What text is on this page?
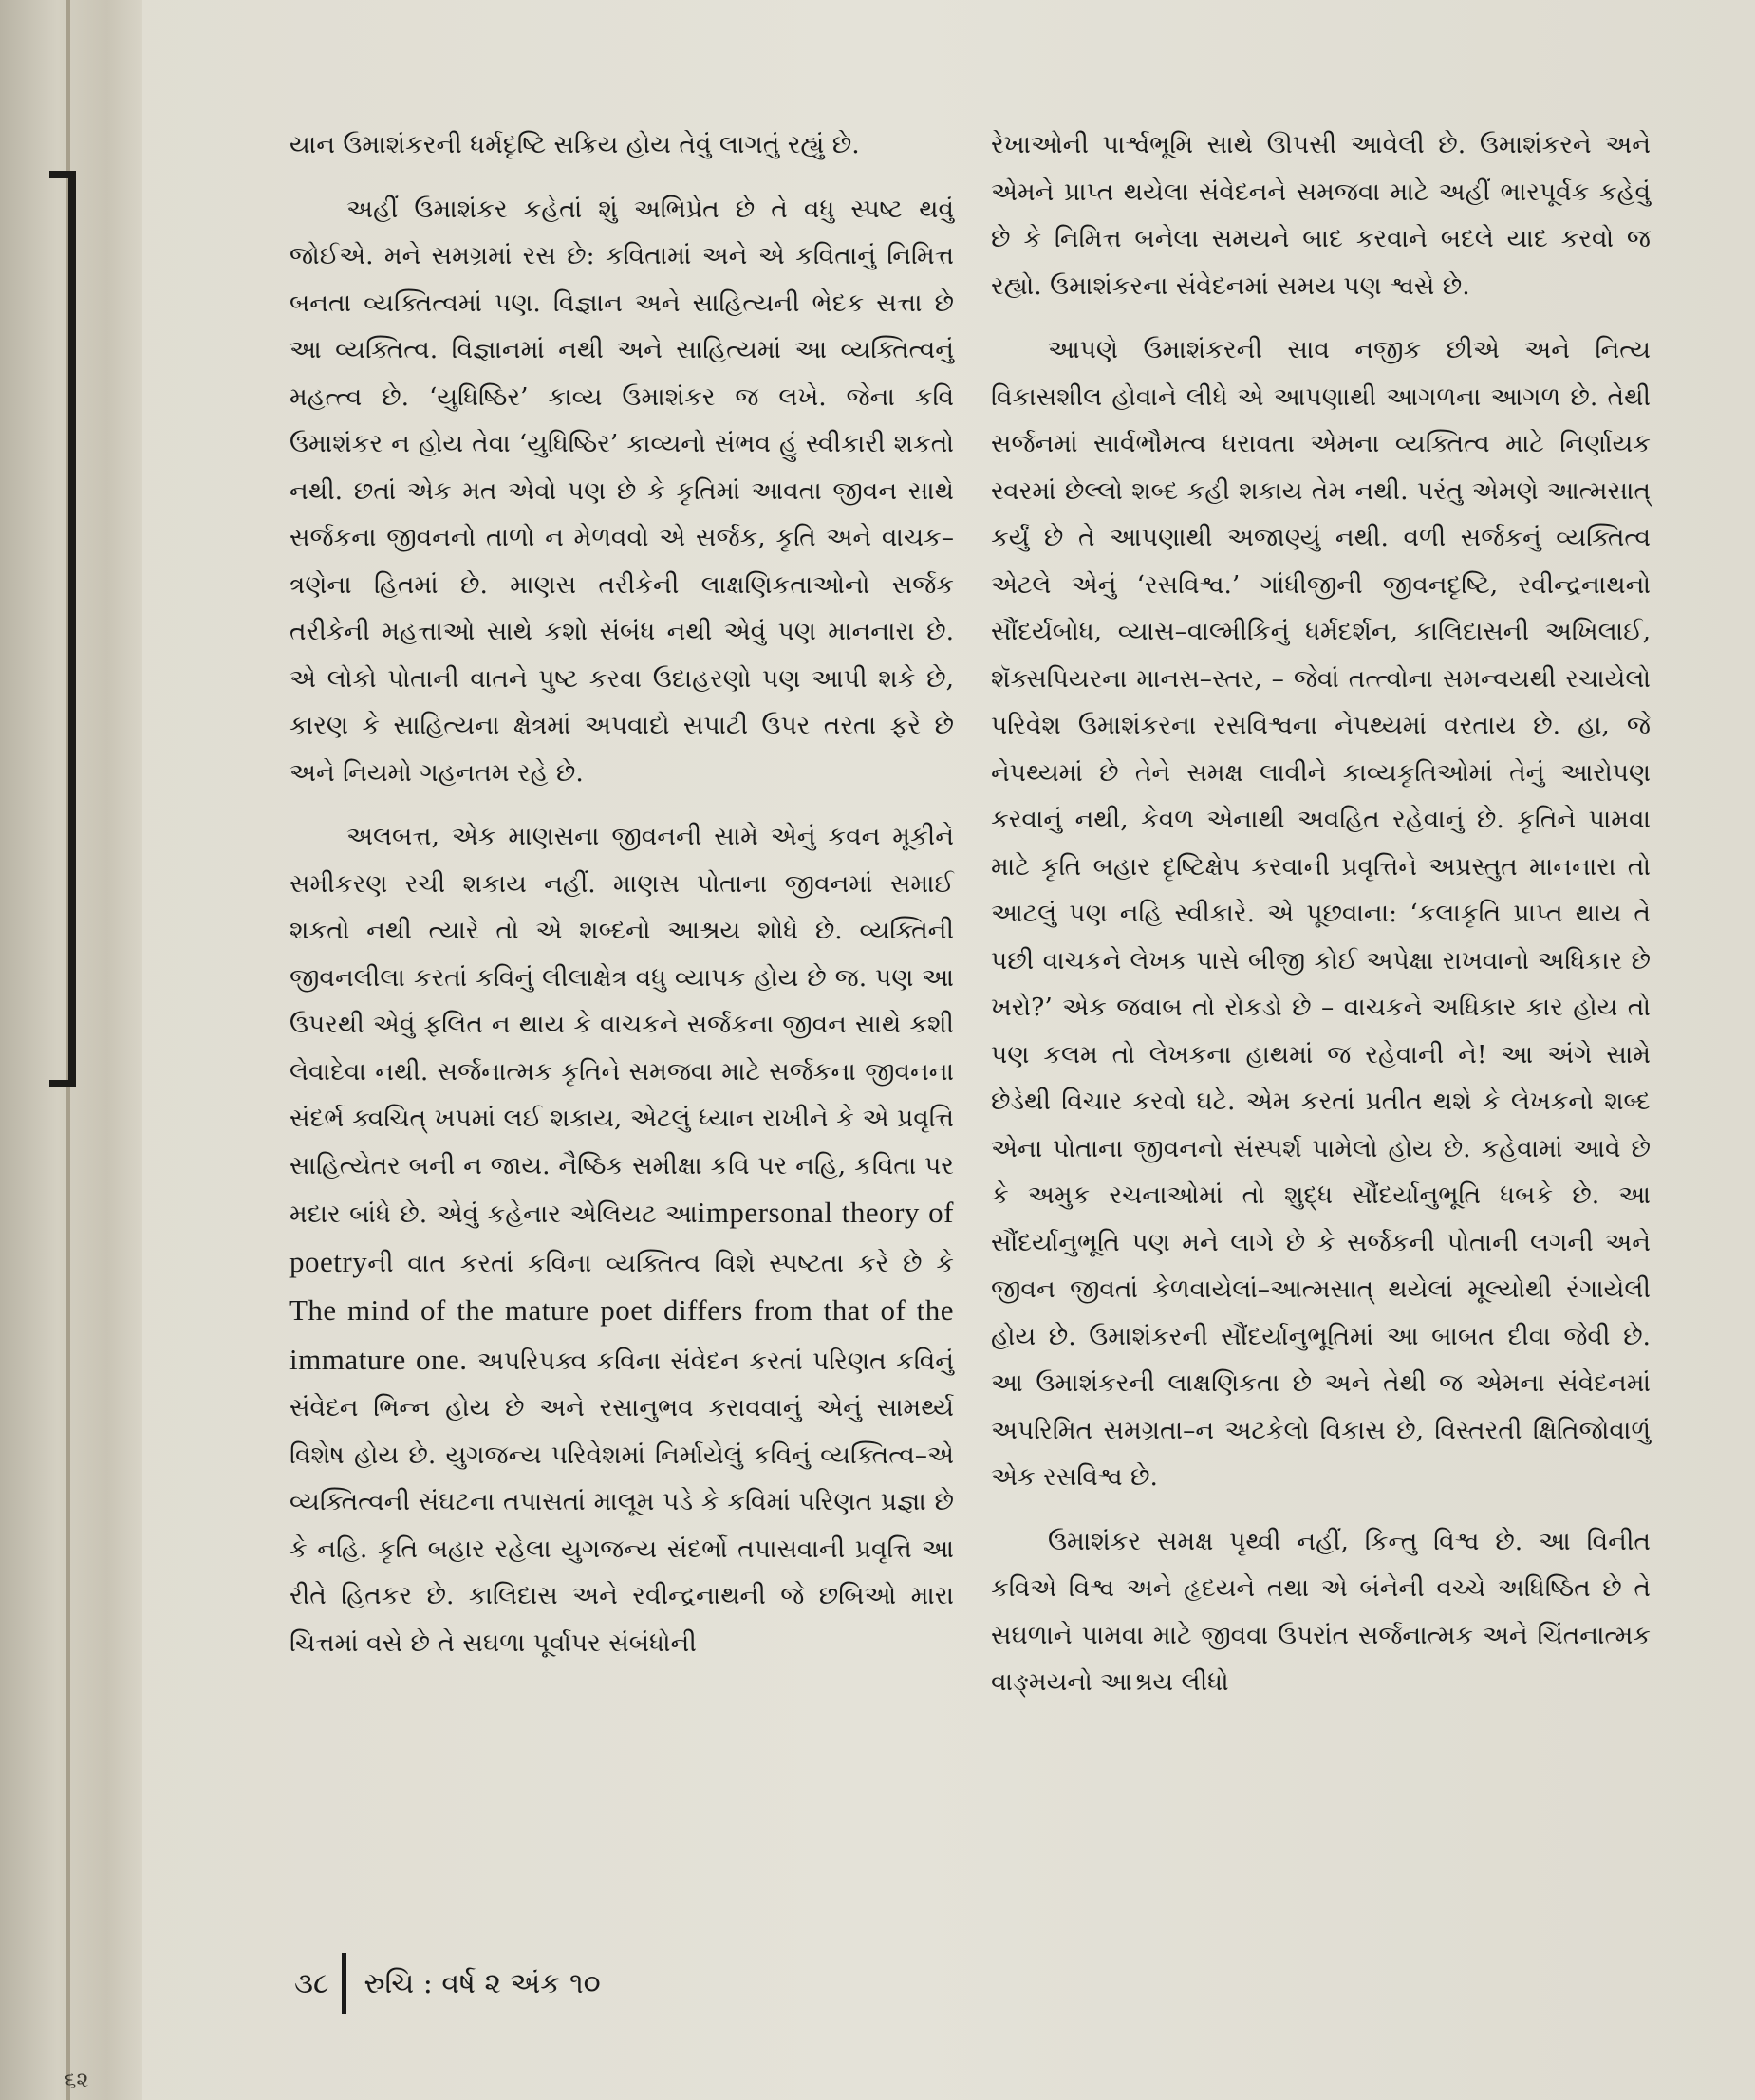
યાન ઉમાશંકરની ધર્મદૃષ્ટિ સક્રિય હોય તેવું લાગતું રહ્યું છે.

અહીં ઉમાશંકર કહેતાં શું અભિપ્રેત છે તે વધુ સ્પષ્ટ થવું જોઈએ. મને સમગ્રમાં રસ છે: કવિતામાં અને એ કવિતાનું નિમિત્ત બનતા વ્યક્તિત્વમાં પણ. વિજ્ઞાન અને સાહિત્યની ભેદક સત્તા છે આ વ્યક્તિત્વ. વિજ્ઞાનમાં નથી અને સાહિત્યમાં આ વ્યક્તિત્વનું મહત્ત્વ છે. ‘યુધિષ્ઠિર’ કાવ્ય ઉમાશંકર જ લખે. જેના કવિ ઉમાશંકર ન હોય તેવા ‘યુધિષ્ઠિર’ કાવ્યનો સંભવ હું સ્વીકારી શકતો નથી. છતાં એક મત એવો પણ છે કે કૃતિમાં આવતા જીવન સાથે સર્જકના જીવનનો તાળો ન મેળવવો એ સર્જક, કૃતિ અને વાચક– ત્રણેના હિતમાં છે. માણસ તરીકેની લાક્ષણિકતાઓનો સર્જક તરીકેની મહત્તાઓ સાથે કશો સંબંધ નથી એવું પણ માનનારા છે. એ લોકો પોતાની વાતને પુષ્ટ કરવા ઉદાહરણો પણ આપી શકે છે, કારણ કે સાહિત્યના ક્ષેત્રમાં અપવાદો સપાટી ઉપર તરતા ફરે છે અને નિયમો ગહનતમ રહે છે.

અલબત્ત, એક માણસના જીવનની સામે એનું કવન મૂકીને સમીકરણ રચી શકાય નહીં. માણસ પોતાના જીવનમાં સમાઈ શકતો નથી ત્યારે તો એ શબ્દનો આશ્રય શોધે છે. વ્યક્તિની જીવનલીલા કરતાં કવિનું લીલાક્ષેત્ર વધુ વ્યાપક હોય છે જ. પણ આ ઉપરથી એવું ફલિત ન થાય કે વાચકને સર્જકના જીવન સાથે કશી લેવાદેવા નથી. સર્જનાત્મક કૃતિને સમજવા માટે સર્જકના જીવનના સંદર્ભ ક્વચિત્ ખપમાં લઈ શકાય, એટલું ધ્યાન રાખીને કે એ પ્રવૃત્તિ સાહિત્યેતર બની ન જાય. નૈષ્ઠિક સમીક્ષા કવિ પર નહિ, કવિતા પર મદાર બાંધે છે. એવું કહેનાર એલિયટ આimpersonal theory of poetryની વાત કરતાં કવિના વ્યક્તિત્વ વિશે સ્પષ્ટતા કરે છે કે The mind of the mature poet differs from that of the immature one. અપરિપક્વ કવિના સંવેદન કરતાં પરિણત કવિનું સંવેદન ભિન્ન હોય છે અને રસાનુભવ કરાવવાનું એનું સામર્થ્ય વિશેષ હોય છે. યુગજન્ય પરિવેશમાં નિર્માયેલું કવિનું વ્યક્તિત્વ–એ વ્યક્તિત્વની સંઘટના તપાસતાં માલૂમ પડે કે કવિમાં પરિણત પ્રજ્ઞા છે કે નહિ. કૃતિ બહાર રહેલા યુગજન્ય સંદર્ભો તપાસવાની પ્રવૃત્તિ આ રીતે હિતકર છે. કાલિદાસ અને રવીન્દ્રનાથની જે છબિઓ મારા ચિત્તમાં વસે છે તે સઘળા પૂર્વાપર સંબંધોની

રેખાઓની પાર્શ્વભૂમિ સાથે ઊપસી આવેલી છે. ઉમાશંકરને અને એમને પ્રાપ્ત થયેલા સંવેદનને સમજવા માટે અહીં ભારપૂર્વક કહેવું છે કે નિમિત્ત બનેલા સમયને બાદ કરવાને બદલે યાદ કરવો જ રહ્યો. ઉમાશંકરના સંવેદનમાં સમય પણ શ્વસે છે.

આપણે ઉમાશંકરની સાવ નજીક છીએ અને નિત્ય વિકાસશીલ હોવાને લીધે એ આપણાથી આગળના આગળ છે. તેથી સર્જનમાં સાર્વભૌમત્વ ધરાવતા એમના વ્યક્તિત્વ માટે નિર્ણાયક સ્વરમાં છેલ્લો શબ્દ કહી શકાય તેમ નથી. પરંતુ એમણે આત્મસાત્ કર્યું છે તે આપણાથી અજાણ્યું નથી. વળી સર્જકનું વ્યક્તિત્વ એટલે એનું ‘રસવિશ્વ.’ ગાંધીજીની જીવનદૃષ્ટિ, રવીન્દ્રનાથનો સૌંદર્યબોધ, વ્યાસ–વાલ્મીકિનું ધર્મદર્શન, કાલિદાસની અખિલાઈ, શૅક્સપિયરના માનસ–સ્તર, – જેવાં તત્ત્વોના સમન્વયથી રચાયેલો પરિવેશ ઉમાશંકરના રસવિશ્વના નેપથ્યમાં વરતાય છે. હા, જે નેપથ્યમાં છે તેને સમક્ષ લાવીને કાવ્યકૃતિઓમાં તેનું આરોપણ કરવાનું નથી, કેવળ એનાથી અવહિત રહેવાનું છે. કૃતિને પામવા માટે કૃતિ બહાર દૃષ્ટિક્ષેપ કરવાની પ્રવૃત્તિને અપ્રસ્તુત માનનારા તો આટલું પણ નહિ સ્વીકારે. એ પૂછવાના: ‘કલાકૃતિ પ્રાપ્ત થાય તે પછી વાચકને લેખક પાસે બીજી કોઈ અપેક્ષા રાખવાનો અધિકાર છે ખરો?’ એક જવાબ તો રોકડો છે – વાચકને અધિકાર કાર હોય તો પણ કલમ તો લેખકના હાથમાં જ રહેવાની ને! આ અંગે સામે છેડેથી વિચાર કરવો ઘટે. એમ કરતાં પ્રતીત થશે કે લેખકનો શબ્દ એના પોતાના જીવનનો સંસ્પર્શ પામેલો હોય છે. કહેવામાં આવે છે કે અમુક રચનાઓમાં તો શુદ્ધ સૌંદર્યાનુભૂતિ ધબકે છે. આ સૌંદર્યાનુભૂતિ પણ મને લાગે છે કે સર્જકની પોતાની લગની અને જીવન જીવતાં કેળવાયેલાં–આત્મસાત્ થયેલાં મૂલ્યોથી રંગાયેલી હોય છે. ઉમાશંકરની સૌંદર્યાનુભૂતિમાં આ બાબત દીવા જેવી છે. આ ઉમાશંકરની લાક્ષણિકતા છે અને તેથી જ એમના સંવેદનમાં અપરિમિત સમગ્રતા–ન અટકેલો વિકાસ છે, વિસ્તરતી ક્ષિતિજોવાળું એક રસવિશ્વ છે.

ઉમાશંકર સમક્ષ પૃથ્વી નહીં, કિન્તુ વિશ્વ છે. આ વિનીત કવિએ વિશ્વ અને હૃદયને તથા એ બંનેની વચ્ચે અધિષ્ઠિત છે તે સઘળાને પામવા માટે જીવવા ઉપરાંત સર્જનાત્મક અને ચિંતનાત્મક વાઙ્મયનો આશ્રય લીધો

૩૮ રુચિ : વર્ષ ૨ અંક ૧૦
૬૨
